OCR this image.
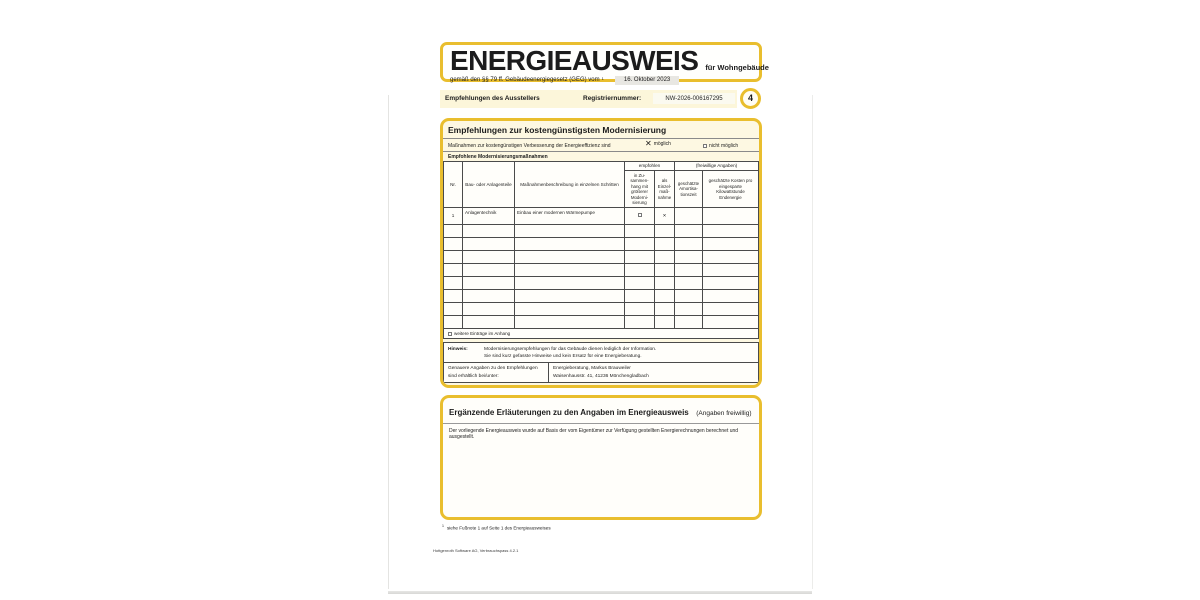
ENERGIEAUSWEIS für Wohngebäude
gemäß den §§ 79 ff. Gebäudeenergiegesetz (GEG) vom 1	16. Oktober 2023
Empfehlungen des Ausstellers	Registriernummer:	NW-2026-006167295	4
Empfehlungen zur kostengünstigsten Modernisierung
Maßnahmen zur kostengünstigen Verbesserung der Energieeffizienz sind	✕ möglich	nicht möglich
Empfohlene Modernisierungsmaßnahmen
Nr.	Bau- oder Anlagenteile	Maßnahmenbeschreibung in einzelnen Schritten	empfohlen		(freiwillige Angaben)	
			in Zu- sammen- hang mit größerer Moderni- sierung	als Einzel- maß- nahme	geschätzte Amortisa- tionszeit	geschätzte Kosten pro eingesparte Kilowattstunde Endenergie
1	Anlagentechnik	Einbau einer modernen Wärmepumpe		✕		

weitere Einträge im Anhang
Hinweis:	Modernisierungsempfehlungen für das Gebäude dienen lediglich der Information.
Sie sind kurz gefasste Hinweise und kein Ersatz für eine Energieberatung.
Genauere Angaben zu den Empfehlungen
sind erhältlich bei/unter:
Energieberatung, Markus Brauweiler
Waisenhausstr. 41, 41236 Mönchengladbach
Ergänzende Erläuterungen zu den Angaben im Energieausweis (Angaben freiwillig)
Der vorliegende Energieausweis wurde auf Basis der vom Eigentümer zur Verfügung gestellten Energierechnungen berechnet und ausgestellt.
$^1$ siehe Fußnote 1 auf Seite 1 des Energieausweises
Hottgenroth Software AG, Verbrauchspass 4.2.1
